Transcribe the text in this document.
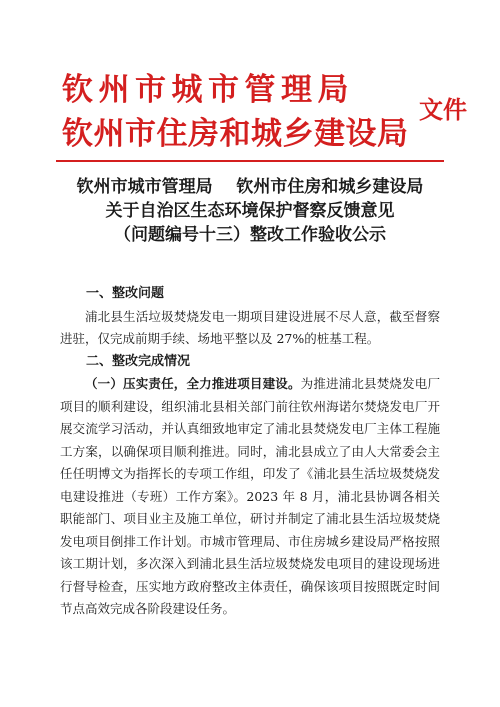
钦州市城市管理局
钦州市住房和城乡建设局
文件
钦州市城市管理局    钦州市住房和城乡建设局
关于自治区生态环境保护督察反馈意见
（问题编号十三）整改工作验收公示

一、整改问题

浦北县生活垃圾焚烧发电一期项目建设进展不尽人意，截至督察进驻，仅完成前期手续、场地平整以及 27%的桩基工程。

二、整改完成情况

（一）压实责任，全力推进项目建设。为推进浦北县焚烧发电厂项目的顺利建设，组织浦北县相关部门前往钦州海诺尔焚烧发电厂开展交流学习活动，并认真细致地审定了浦北县焚烧发电厂主体工程施工方案，以确保项目顺利推进。同时，浦北县成立了由人大常委会主任任明博文为指挥长的专项工作组，印发了《浦北县生活垃圾焚烧发电建设推进（专班）工作方案》。2023 年 8 月，浦北县协调各相关职能部门、项目业主及施工单位，研讨并制定了浦北县生活垃圾焚烧发电项目倒排工作计划。市城市管理局、市住房城乡建设局严格按照该工期计划，多次深入到浦北县生活垃圾焚烧发电项目的建设现场进行督导检查，压实地方政府整改主体责任，确保该项目按照既定时间节点高效完成各阶段建设任务。
